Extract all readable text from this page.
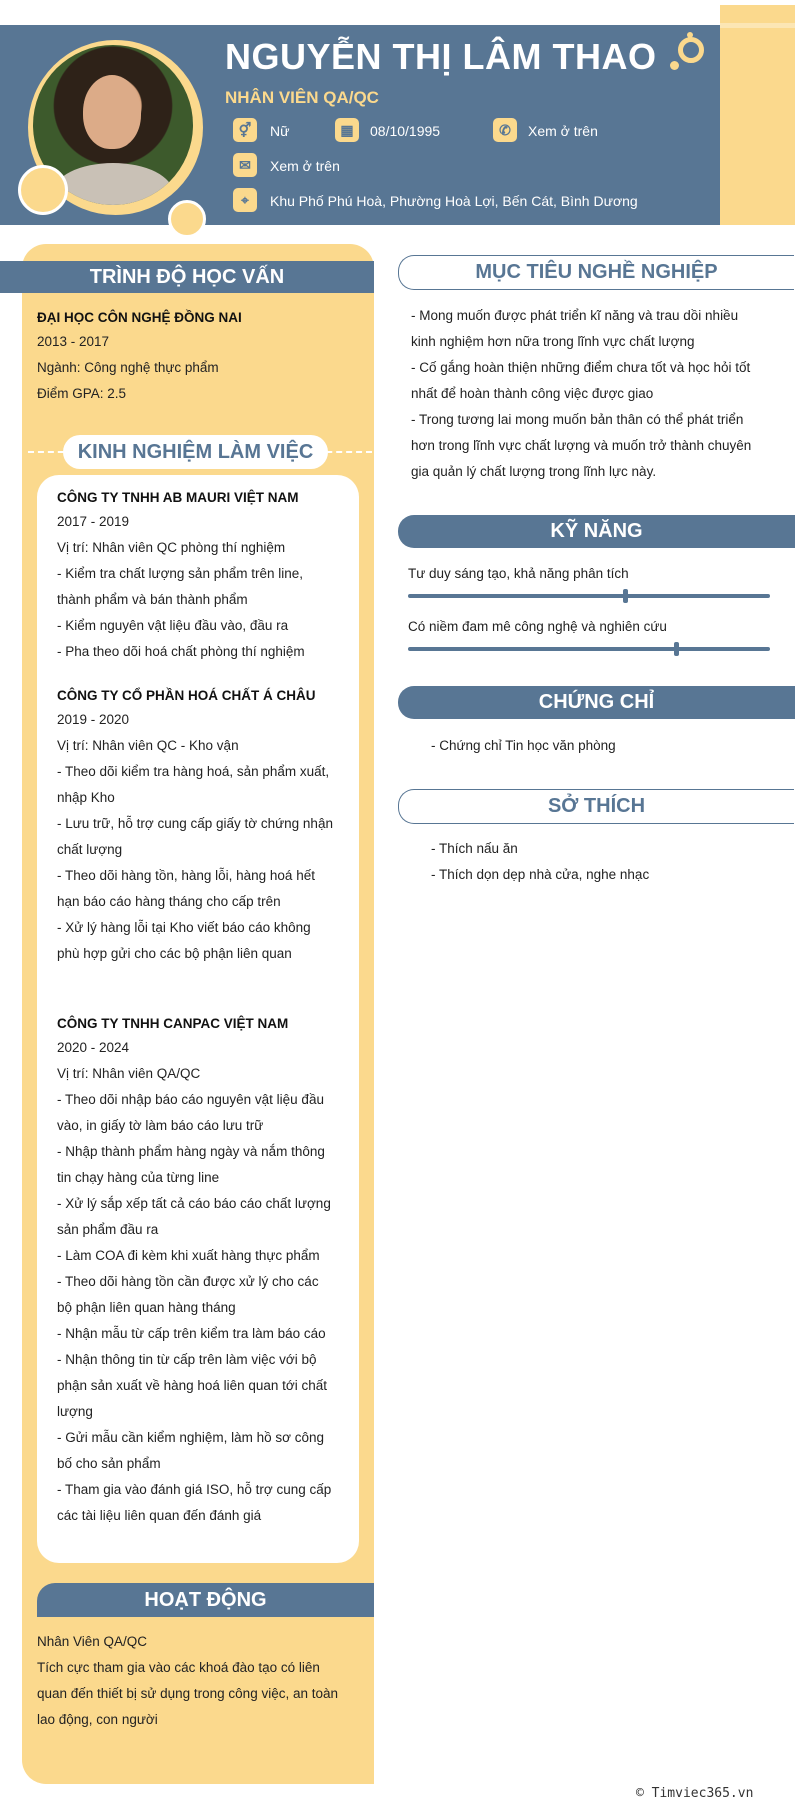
NGUYỄN THỊ LÂM THAO
NHÂN VIÊN QA/QC
⚥	Nữ	▦	08/10/1995	✆	Xem ở trên
✉	Xem ở trên
⌖	Khu Phố Phú Hoà, Phường Hoà Lợi, Bến Cát, Bình Dương
TRÌNH ĐỘ HỌC VẤN
ĐẠI HỌC CÔN NGHỆ ĐỒNG NAI
2013 - 2017
Ngành: Công nghệ thực phẩm
Điểm GPA: 2.5
KINH NGHIỆM LÀM VIỆC
CÔNG TY TNHH AB MAURI VIỆT NAM
2017 - 2019
Vị trí: Nhân viên QC phòng thí nghiệm
- Kiểm tra chất lượng sản phẩm trên line,
thành phẩm và bán thành phẩm
- Kiểm nguyên vật liệu đầu vào, đầu ra
- Pha theo dõi hoá chất phòng thí nghiệm
CÔNG TY CỔ PHẦN HOÁ CHẤT Á CHÂU
2019 - 2020
Vị trí: Nhân viên QC - Kho vận
- Theo dõi kiểm tra hàng hoá, sản phẩm xuất,
nhập Kho
- Lưu trữ, hỗ trợ cung cấp giấy tờ chứng nhận
chất lượng
- Theo dõi hàng tồn, hàng lỗi, hàng hoá hết
hạn báo cáo hàng tháng cho cấp trên
- Xử lý hàng lỗi tại Kho viết báo cáo không
phù hợp gửi cho các bộ phận liên quan
CÔNG TY TNHH CANPAC VIỆT NAM
2020 - 2024
Vị trí: Nhân viên QA/QC
- Theo dõi nhập báo cáo nguyên vật liệu đầu
vào, in giấy tờ làm báo cáo lưu trữ
- Nhập thành phẩm hàng ngày và nắm thông
tin chạy hàng của từng line
- Xử lý sắp xếp tất cả cáo báo cáo chất lượng
sản phẩm đầu ra
- Làm COA đi kèm khi xuất hàng thực phẩm
- Theo dõi hàng tồn cần được xử lý cho các
bộ phận liên quan hàng tháng
- Nhận mẫu từ cấp trên kiểm tra làm báo cáo
- Nhận thông tin từ cấp trên làm việc với bộ
phận sản xuất về hàng hoá liên quan tới chất
lượng
- Gửi mẫu cần kiểm nghiệm, làm hồ sơ công
bố cho sản phẩm
- Tham gia vào đánh giá ISO, hỗ trợ cung cấp
các tài liệu liên quan đến đánh giá
HOẠT ĐỘNG
Nhân Viên QA/QC
Tích cực tham gia vào các khoá đào tạo có liên
quan đến thiết bị sử dụng trong công việc, an toàn
lao động, con người
MỤC TIÊU NGHỀ NGHIỆP
- Mong muốn được phát triển kĩ năng và trau dồi nhiều
kinh nghiệm hơn nữa trong lĩnh vực chất lượng
- Cố gắng hoàn thiện những điểm chưa tốt và học hỏi tốt
nhất để hoàn thành công việc được giao
- Trong tương lai mong muốn bản thân có thể phát triển
hơn trong lĩnh vực chất lượng và muốn trở thành chuyên
gia quản lý chất lượng trong lĩnh lực này.
KỸ NĂNG
Tư duy sáng tạo, khả năng phân tích
Có niềm đam mê công nghệ và nghiên cứu
CHỨNG CHỈ
- Chứng chỉ Tin học văn phòng
SỞ THÍCH
- Thích nấu ăn
- Thích dọn dẹp nhà cửa, nghe nhạc
© Timviec365.vn
